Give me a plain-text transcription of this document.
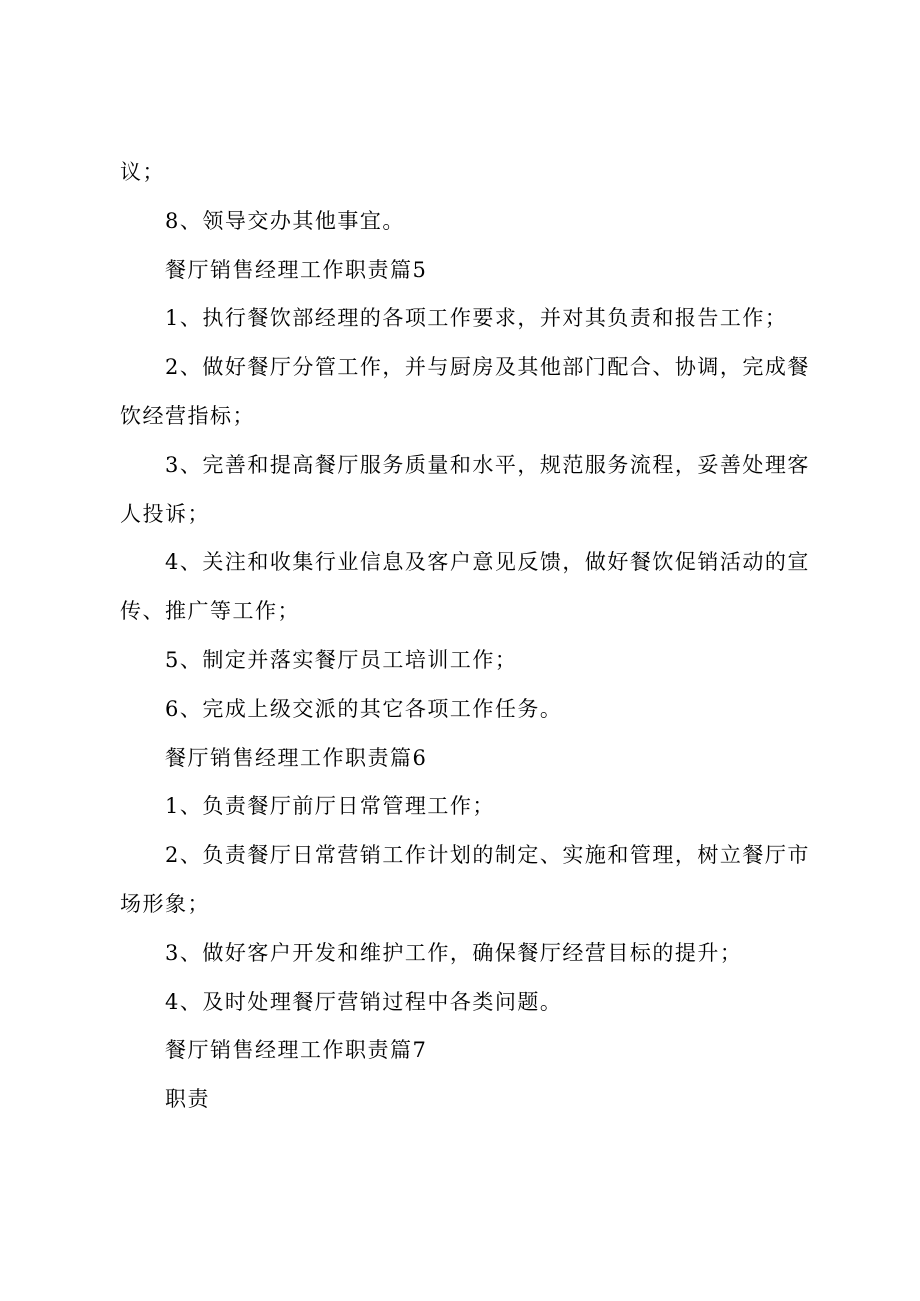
议；
8、领导交办其他事宜。
餐厅销售经理工作职责篇5
1、执行餐饮部经理的各项工作要求，并对其负责和报告工作；
2、做好餐厅分管工作，并与厨房及其他部门配合、协调，完成餐
饮经营指标；
3、完善和提高餐厅服务质量和水平，规范服务流程，妥善处理客
人投诉；
4、关注和收集行业信息及客户意见反馈，做好餐饮促销活动的宣
传、推广等工作；
5、制定并落实餐厅员工培训工作；
6、完成上级交派的其它各项工作任务。
餐厅销售经理工作职责篇6
1、负责餐厅前厅日常管理工作；
2、负责餐厅日常营销工作计划的制定、实施和管理，树立餐厅市
场形象；
3、做好客户开发和维护工作，确保餐厅经营目标的提升；
4、及时处理餐厅营销过程中各类问题。
餐厅销售经理工作职责篇7
职责
